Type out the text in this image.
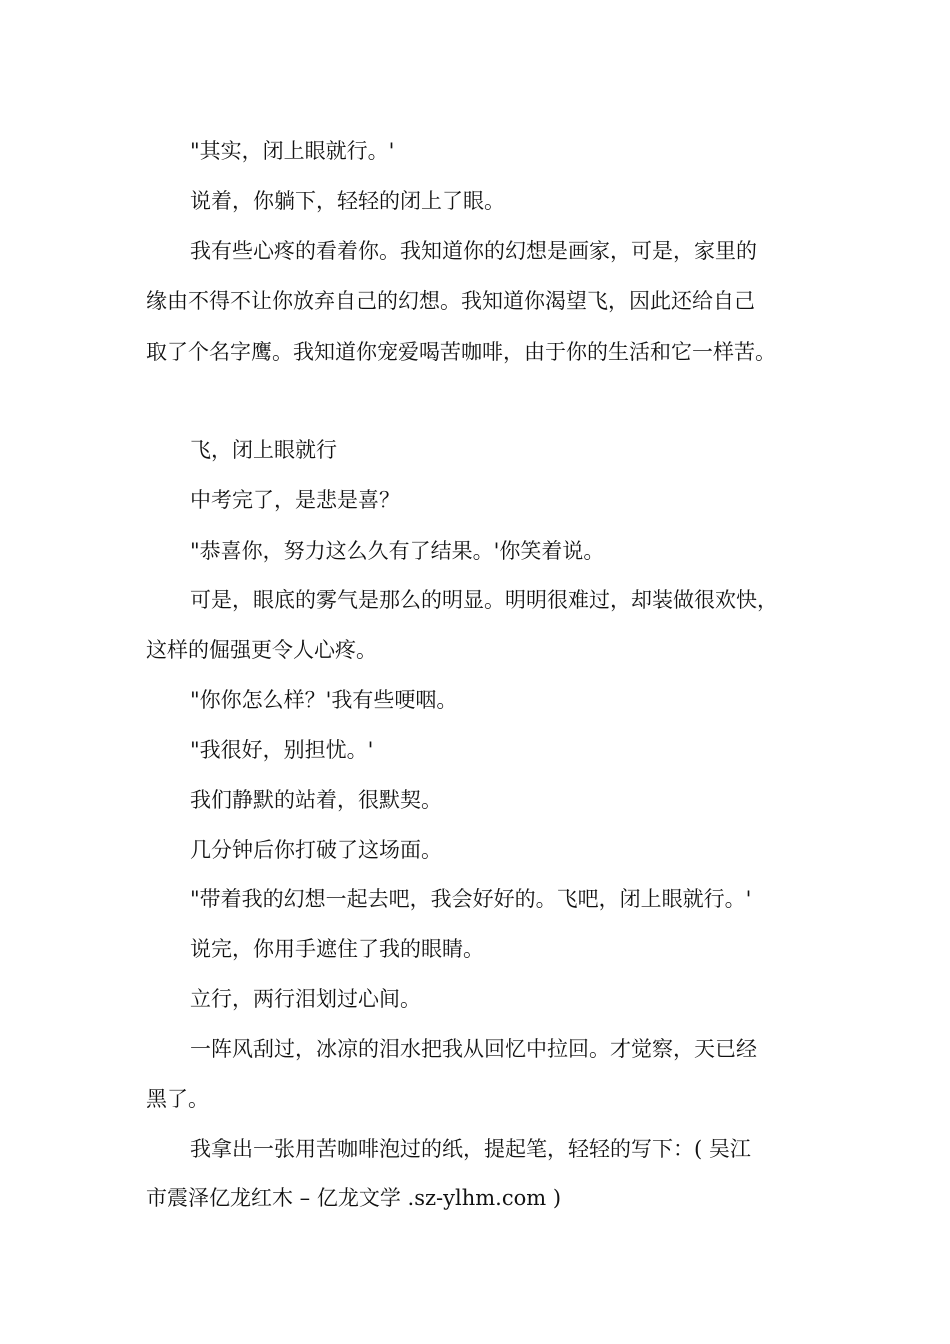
"其实，闭上眼就行。'

说着，你躺下，轻轻的闭上了眼。

我有些心疼的看着你。我知道你的幻想是画家，可是，家里的

缘由不得不让你放弃自己的幻想。我知道你渴望飞，因此还给自己

取了个名字鹰。我知道你宠爱喝苦咖啡，由于你的生活和它一样苦。

飞，闭上眼就行

中考完了，是悲是喜？

"恭喜你，努力这么久有了结果。'你笑着说。

可是，眼底的雾气是那么的明显。明明很难过，却装做很欢快，

这样的倔强更令人心疼。

"你你怎么样？'我有些哽咽。

"我很好，别担忧。'

我们静默的站着，很默契。

几分钟后你打破了这场面。

"带着我的幻想一起去吧，我会好好的。飞吧，闭上眼就行。'

说完，你用手遮住了我的眼睛。

立行，两行泪划过心间。

一阵风刮过，冰凉的泪水把我从回忆中拉回。才觉察，天已经

黑了。

我拿出一张用苦咖啡泡过的纸，提起笔，轻轻的写下：( 吴江

市震泽亿龙红木 – 亿龙文学 .sz-ylhm.com )
